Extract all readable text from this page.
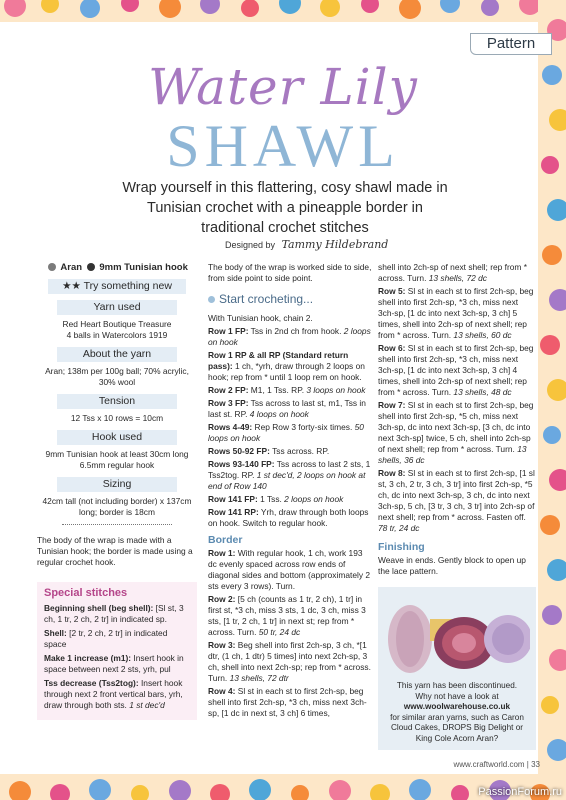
Pattern
Water Lily
SHAWL
Wrap yourself in this flattering, cosy shawl made in Tunisian crochet with a pineapple border in traditional crochet stitches
Designed by Tammy Hildebrand
Aran 9mm Tunisian hook
★★ Try something new
Yarn used
Red Heart Boutique Treasure
4 balls in Watercolors 1919
About the yarn
Aran; 138m per 100g ball; 70% acrylic, 30% wool
Tension
12 Tss x 10 rows = 10cm
Hook used
9mm Tunisian hook at least 30cm long
6.5mm regular hook
Sizing
42cm tall (not including border) x 137cm long; border is 18cm
The body of the wrap is made with a Tunisian hook; the border is made using a regular crochet hook.
Special stitches

Beginning shell (beg shell): [Sl st, 3 ch, 1 tr, 2 ch, 2 tr] in indicated sp.

Shell: [2 tr, 2 ch, 2 tr] in indicated space

Make 1 increase (m1): Insert hook in space between next 2 sts, yrh, pul

Tss decrease (Tss2tog): Insert hook through next 2 front vertical bars, yrh, draw through both sts. 1 st dec'd

The body of the wrap is worked side to side, from side point to side point.

Start crocheting...

With Tunisian hook, chain 2.

Row 1 FP: Tss in 2nd ch from hook. 2 loops on hook

Row 1 RP & all RP (Standard return pass): 1 ch, *yrh, draw through 2 loops on hook; rep from * until 1 loop rem on hook.

Row 2 FP: M1, 1 Tss. RP. 3 loops on hook

Row 3 FP: Tss across to last st, m1, Tss in last st. RP. 4 loops on hook

Rows 4-49: Rep Row 3 forty-six times. 50 loops on hook

Rows 50-92 FP: Tss across. RP.

Rows 93-140 FP: Tss across to last 2 sts, 1 Tss2tog. RP. 1 st dec'd, 2 loops on hook at end of Row 140

Row 141 FP: 1 Tss. 2 loops on hook

Row 141 RP: Yrh, draw through both loops on hook. Switch to regular hook.

Border

Row 1: With regular hook, 1 ch, work 193 dc evenly spaced across row ends of diagonal sides and bottom (approximately 2 sts every 3 rows). Turn.

Row 2: [5 ch (counts as 1 tr, 2 ch), 1 tr] in first st, *3 ch, miss 3 sts, 1 dc, 3 ch, miss 3 sts, [1 tr, 2 ch, 1 tr] in next st; rep from * across. Turn. 50 tr, 24 dc

Row 3: Beg shell into first 2ch-sp, 3 ch, *[1 dtr, (1 ch, 1 dtr) 5 times] into next 2ch-sp, 3 ch, shell into next 2ch-sp; rep from * across. Turn. 13 shells, 72 dtr

Row 4: Sl st in each st to first 2ch-sp, beg shell into first 2ch-sp, *3 ch, miss next 3ch-sp, [1 dc in next st, 3 ch] 6 times,

shell into 2ch-sp of next shell; rep from * across. Turn. 13 shells, 72 dc

Row 5: Sl st in each st to first 2ch-sp, beg shell into first 2ch-sp, *3 ch, miss next 3ch-sp, [1 dc into next 3ch-sp, 3 ch] 5 times, shell into 2ch-sp of next shell; rep from * across. Turn. 13 shells, 60 dc

Row 6: Sl st in each st to first 2ch-sp, beg shell into first 2ch-sp, *3 ch, miss next 3ch-sp, [1 dc into next 3ch-sp, 3 ch] 4 times, shell into 2ch-sp of next shell; rep from * across. Turn. 13 shells, 48 dc

Row 7: Sl st in each st to first 2ch-sp, beg shell into first 2ch-sp, *5 ch, miss next 3ch-sp, dc into next 3ch-sp, [3 ch, dc into next 3ch-sp] twice, 5 ch, shell into 2ch-sp of next shell; rep from * across. Turn. 13 shells, 36 dc

Row 8: Sl st in each st to first 2ch-sp, [1 sl st, 3 ch, 2 tr, 3 ch, 3 tr] into first 2ch-sp, *5 ch, dc into next 3ch-sp, 3 ch, dc into next 3ch-sp, 5 ch, [3 tr, 3 ch, 3 tr] into 2ch-sp of next shell; rep from * across. Fasten off. 78 tr, 24 dc

Finishing

Weave in ends. Gently block to open up the lace pattern.

This yarn has been discontinued.

Why not have a look at

www.woolwarehouse.co.uk

for similar aran yarns, such as Caron Cloud Cakes, DROPS Big Delight or King Cole Acorn Aran?

www.craftworld.com | 33
PassionForum.ru
